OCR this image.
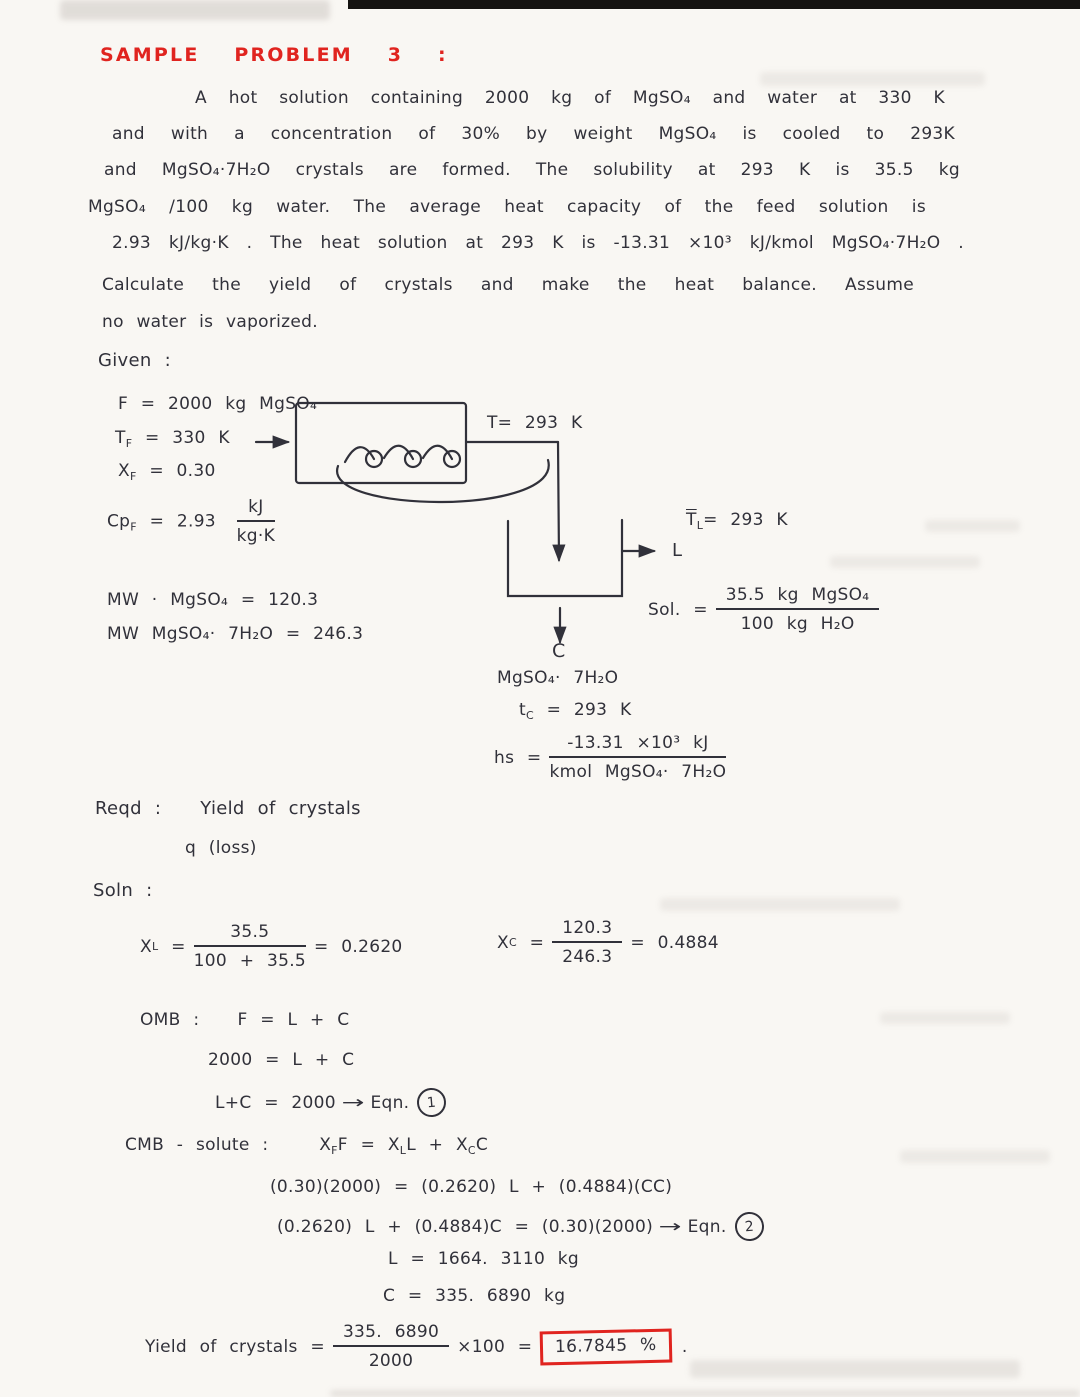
SAMPLE PROBLEM 3 :
A hot solution containing 2000 kg of MgSO₄ and water at 330 K
and with a concentration of 30% by weight MgSO₄ is cooled to 293K
and MgSO₄·7H₂O crystals are formed. The solubility at 293 K is 35.5 kg
MgSO₄ /100 kg water. The average heat capacity of the feed solution is
2.93 kJ/kg·K . The heat solution at 293 K is -13.31 ×10³ kJ/kmol MgSO₄·7H₂O .
Calculate the yield of crystals and make the heat balance. Assume
no water is vaporized.
Given :
F = 2000 kg MgSO₄
$T_F = 330$ K
$X_F = 0.30$
$Cp_F = 2.93 \frac{kJ}{kg\cdot K}$
MW · MgSO₄ = 120.3
MW MgSO₄· 7H₂O = 246.3
T= 293 K
$\overline{T}_L= 293$ K
L
Sol. = $\frac{\text{35.5 kg MgSO₄}}{\text{100 kg H₂O}}$
C
MgSO₄· 7H₂O
$t_C = 293$ K
hs = $\frac{\text{-13.31 ×10³ kJ}}{\text{kmol MgSO₄· 7H₂O}}$
Reqd : Yield of crystals
q (loss)
Soln :
X L
= $\frac{35.5}{100 + 35.5} = 0.2620$	X C
= $\frac{120.3}{246.3} = 0.4884$
OMB : F = L + C
2000 = L + C
L+C = 2000 → Eqn.	1
CMB - solute :	$X_FF = X_LL + X_CC$
(0.30)(2000) = (0.2620) L + (0.4884)(CC)
(0.2620) L + (0.4884)C = (0.30)(2000) → Eqn.	2
L = 1664. 3110 kg
C = 335. 6890 kg
Yield of crystals = $\frac{335. 6890}{2000} \times 100$ =	16.7845 %	.
